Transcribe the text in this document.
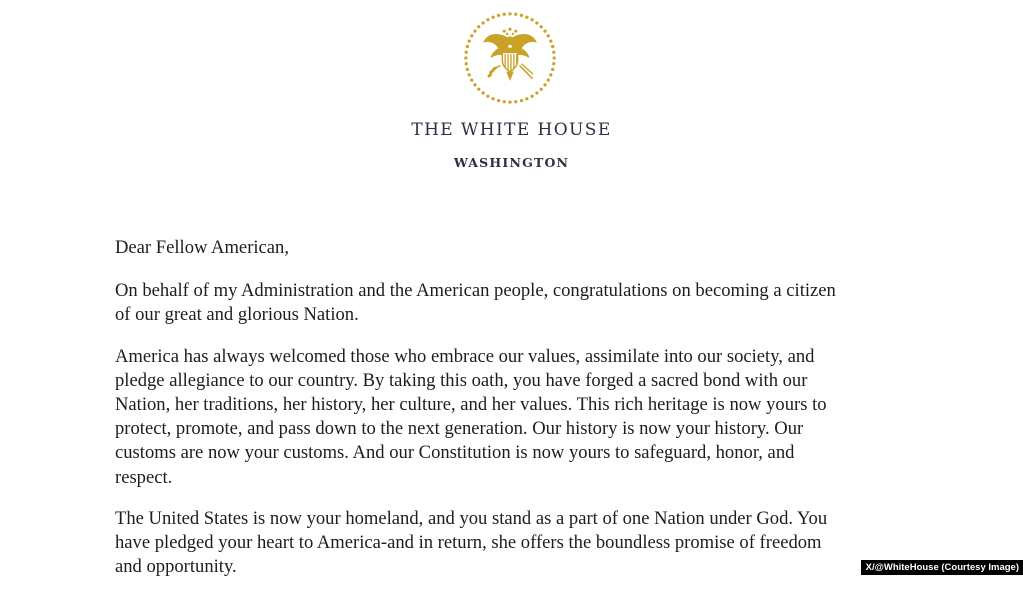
THE WHITE HOUSE
WASHINGTON

Dear Fellow American,

On behalf of my Administration and the American people, congratulations on becoming a citizen
of our great and glorious Nation.

America has always welcomed those who embrace our values, assimilate into our society, and
pledge allegiance to our country. By taking this oath, you have forged a sacred bond with our
Nation, her traditions, her history, her culture, and her values. This rich heritage is now yours to
protect, promote, and pass down to the next generation. Our history is now your history. Our
customs are now your customs. And our Constitution is now yours to safeguard, honor, and
respect.

The United States is now your homeland, and you stand as a part of one Nation under God. You
have pledged your heart to America-and in return, she offers the boundless promise of freedom
and opportunity.	X/@WhiteHouse (Courtesy Image)
